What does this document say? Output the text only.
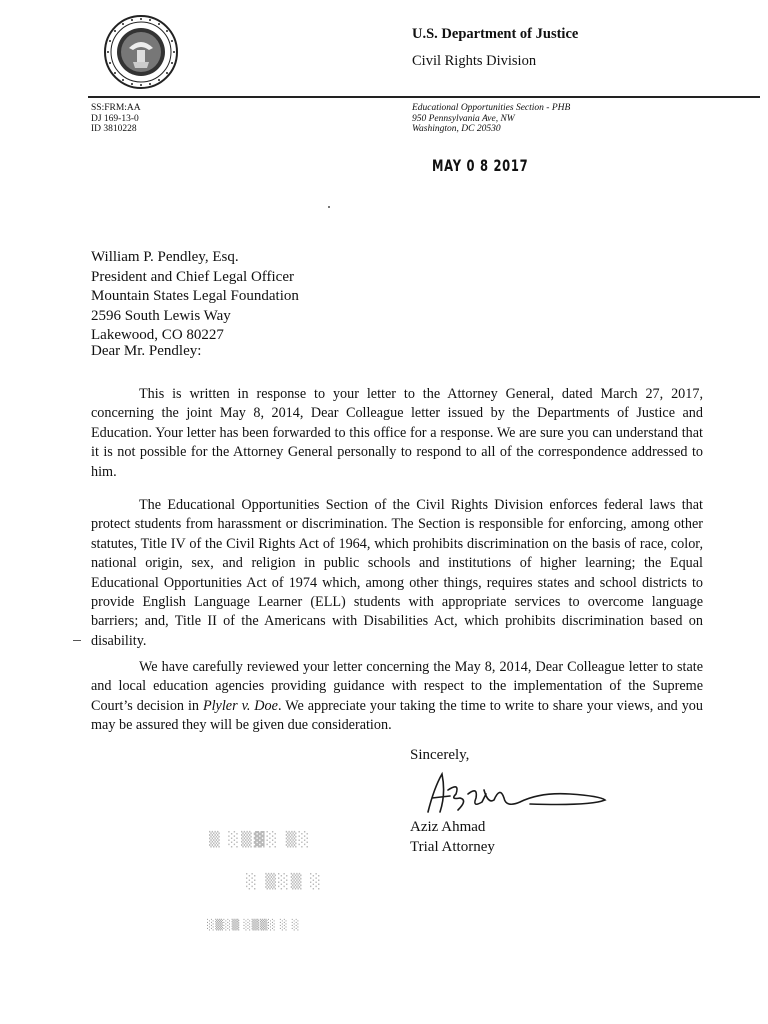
U.S. Department of Justice
Civil Rights Division
SS:FRM:AA
DJ 169-13-0
ID 3810228
Educational Opportunities Section - PHB
950 Pennsylvania Ave, NW
Washington, DC 20530
MAY 0 8 2017
William P. Pendley, Esq.
President and Chief Legal Officer
Mountain States Legal Foundation
2596 South Lewis Way
Lakewood, CO 80227
Dear Mr. Pendley:

This is written in response to your letter to the Attorney General, dated March 27, 2017, concerning the joint May 8, 2014, Dear Colleague letter issued by the Departments of Justice and Education. Your letter has been forwarded to this office for a response. We are sure you can understand that it is not possible for the Attorney General personally to respond to all of the correspondence addressed to him.

The Educational Opportunities Section of the Civil Rights Division enforces federal laws that protect students from harassment or discrimination. The Section is responsible for enforcing, among other statutes, Title IV of the Civil Rights Act of 1964, which prohibits discrimination on the basis of race, color, national origin, sex, and religion in public schools and institutions of higher learning; the Equal Educational Opportunities Act of 1974 which, among other things, requires states and school districts to provide English Language Learner (ELL) students with appropriate services to overcome language barriers; and, Title II of the Americans with Disabilities Act, which prohibits discrimination based on disability.

We have carefully reviewed your letter concerning the May 8, 2014, Dear Colleague letter to state and local education agencies providing guidance with respect to the implementation of the Supreme Court’s decision in Plyler v. Doe. We appreciate your taking the time to write to share your views, and you may be assured they will be given due consideration.

Sincerely,
Aziz Ahmad
Trial Attorney
▒ ░▒▓░ ▒░
░ ▒░▒ ░
░▒░▒ ░▒▒░ ░ ░
